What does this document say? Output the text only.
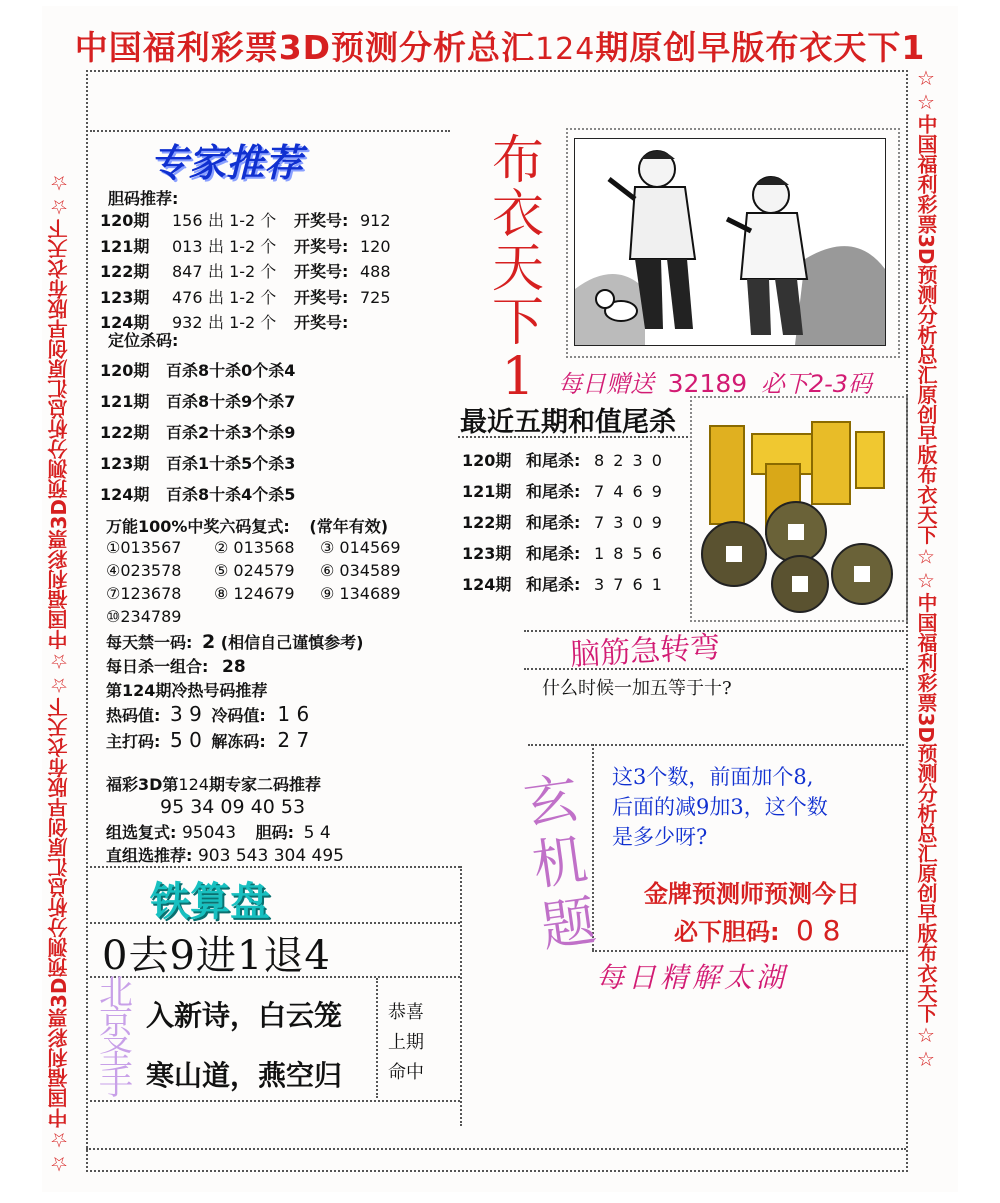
中国福利彩票3D预测分析总汇124期原创早版布衣天下1
☆☆中国福利彩票3D预测分析总汇原创早版布衣天下☆☆中国福利彩票3D预测分析总汇原创早版布衣天下☆☆	☆☆中国福利彩票3D预测分析总汇原创早版布衣天下☆☆中国福利彩票3D预测分析总汇原创早版布衣天下☆☆
专家推荐
胆码推荐:
120期 156 出 1-2 个 开奖号: 912
121期 013 出 1-2 个 开奖号: 120
122期 847 出 1-2 个 开奖号: 488
123期 476 出 1-2 个 开奖号: 725
124期 932 出 1-2 个 开奖号:
定位杀码:
120期 百杀8十杀0个杀4
121期 百杀8十杀9个杀7
122期 百杀2十杀3个杀9
123期 百杀1十杀5个杀3
124期 百杀8十杀4个杀5
万能100%中奖六码复式: (常年有效)
①013567 ② 013568 ③ 014569
④023578 ⑤ 024579 ⑥ 034589
⑦123678 ⑧ 124679 ⑨ 134689
⑩234789
每天禁一码: 2 (相信自己谨慎参考)
每日杀一组合: 28
第124期冷热号码推荐
热码值: 3 9 冷码值: 1 6
主打码: 5 0 解冻码: 2 7
福彩3D第124期专家二码推荐
95 34 09 40 53
组选复式: 95043 胆码: 5 4
直组选推荐: 903 543 304 495
铁算盘
0去9进1退4
北京圣手
入新诗，白云笼
寒山道，燕空归
恭喜
上期
命中
布衣天下1 每日赠送 32189 必下2-3码
最近五期和值尾杀
120期 和尾杀: 8 2 3 0
121期 和尾杀: 7 4 6 9
122期 和尾杀: 7 3 0 9
123期 和尾杀: 1 8 5 6
124期 和尾杀: 3 7 6 1
脑筋急转弯
什么时候一加五等于十?
玄机题
这3个数，前面加个8,
后面的减9加3，这个数
是多少呀?
金牌预测师预测今日
必下胆码: 0 8
每日精解太湖
